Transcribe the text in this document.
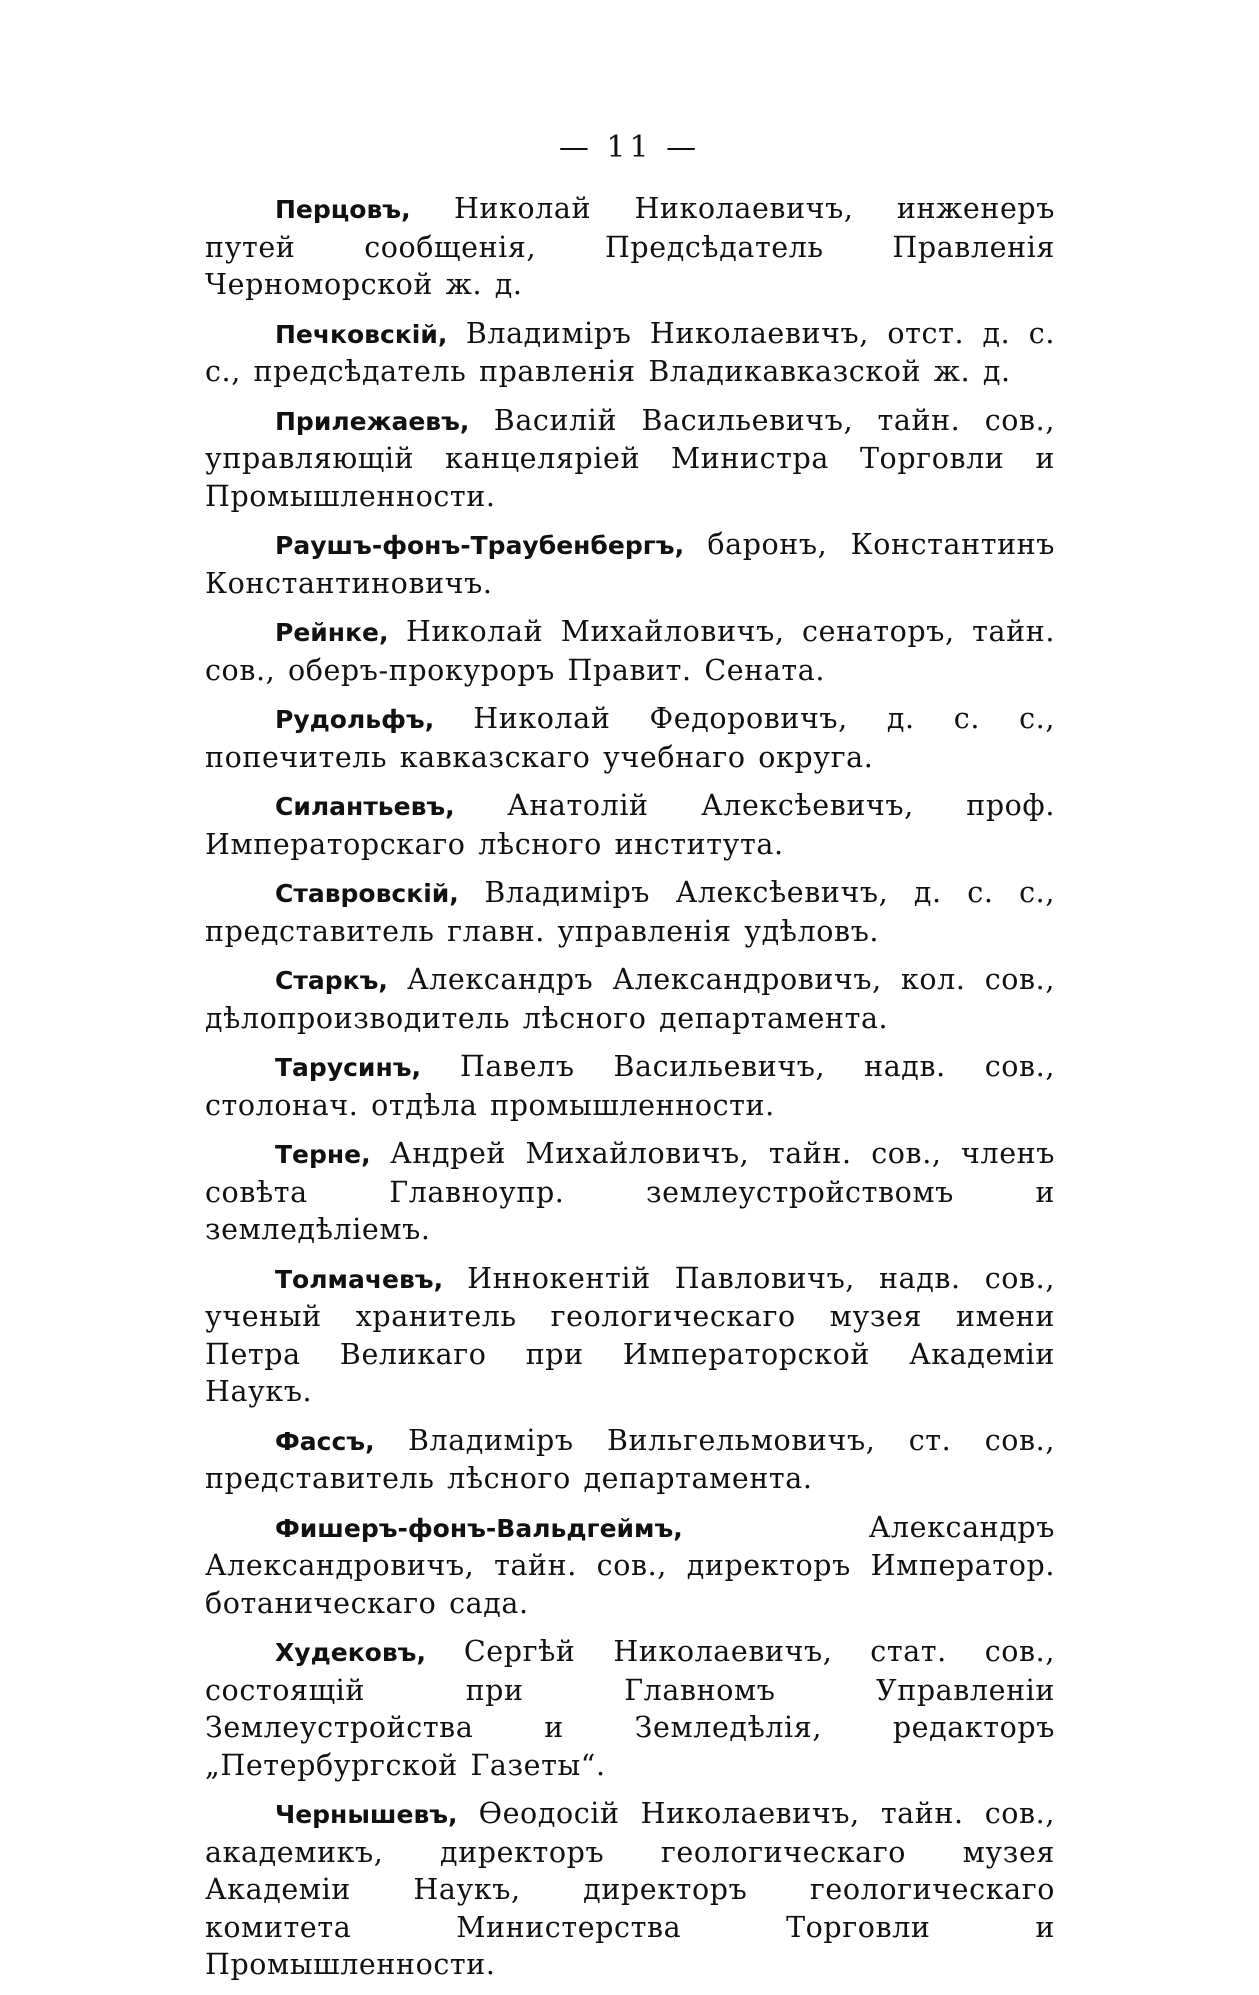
— 11 —

Перцовъ, Николай Николаевичъ, инженеръ путей сообщенія, Предсѣдатель Правленія Черноморской ж. д.

Печковскій, Владиміръ Николаевичъ, отст. д. с. с., предсѣдатель правленія Владикавказской ж. д.

Прилежаевъ, Василій Васильевичъ, тайн. сов., управляющій канцеляріей Министра Торговли и Промышленности.

Раушъ-фонъ-Траубенбергъ, баронъ, Константинъ Константиновичъ.

Рейнке, Николай Михайловичъ, сенаторъ, тайн. сов., оберъ-прокуроръ Правит. Сената.

Рудольфъ, Николай Федоровичъ, д. с. с., попечитель кавказскаго учебнаго округа.

Силантьевъ, Анатолій Алексѣевичъ, проф. Императорскаго лѣсного института.

Ставровскій, Владиміръ Алексѣевичъ, д. с. с., представитель главн. управленія удѣловъ.

Старкъ, Александръ Александровичъ, кол. сов., дѣлопроизводитель лѣсного департамента.

Тарусинъ, Павелъ Васильевичъ, надв. сов., столонач. отдѣла промышленности.

Терне, Андрей Михайловичъ, тайн. сов., членъ совѣта Главноупр. землеустройствомъ и земледѣліемъ.

Толмачевъ, Иннокентій Павловичъ, надв. сов., ученый хранитель геологическаго музея имени Петра Великаго при Императорской Академіи Наукъ.

Фассъ, Владиміръ Вильгельмовичъ, ст. сов., представитель лѣсного департамента.

Фишеръ-фонъ-Вальдгеймъ, Александръ Александровичъ, тайн. сов., директоръ Император. ботаническаго сада.

Худековъ, Сергѣй Николаевичъ, стат. сов., состоящій при Главномъ Управленіи Землеустройства и Земледѣлія, редакторъ „Петербургской Газеты“.

Чернышевъ, Өеодосій Николаевичъ, тайн. сов., академикъ, директоръ геологическаго музея Академіи Наукъ, директоръ геологическаго комитета Министерства Торговли и Промышленности.
